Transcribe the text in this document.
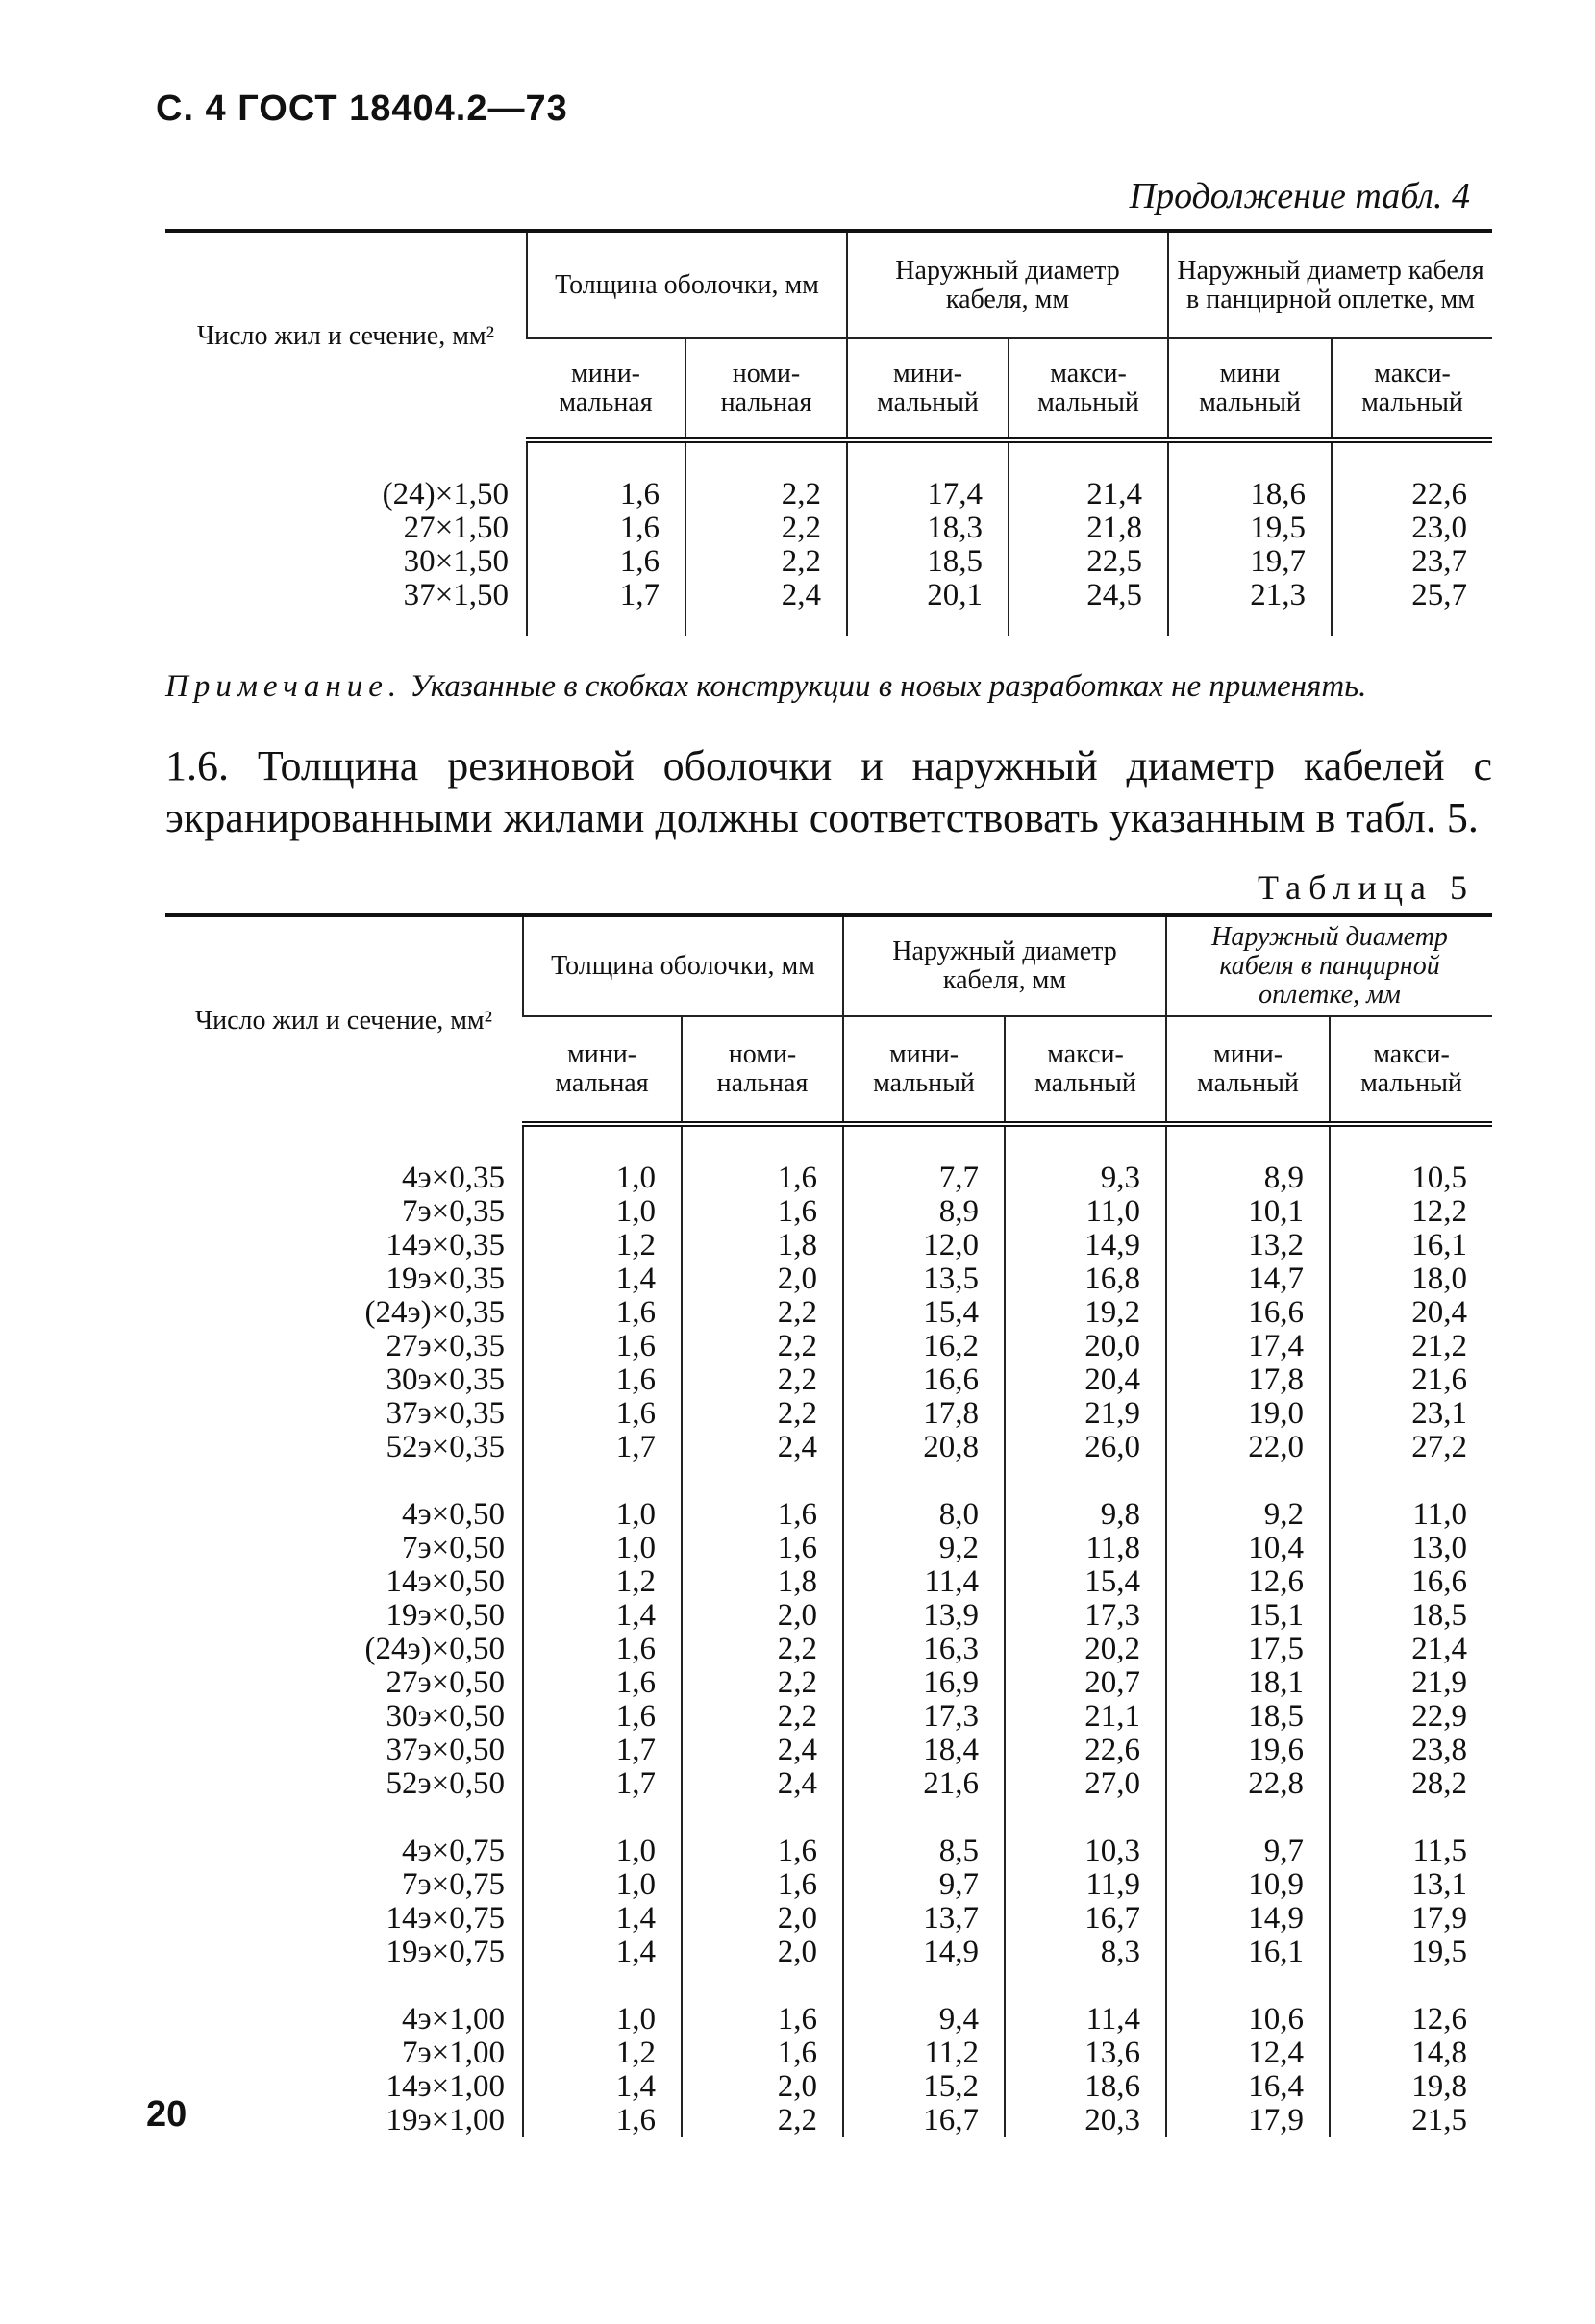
С. 4 ГОСТ 18404.2—73
Продолжение табл. 4
Число жил и сечение, мм²	Толщина оболочки, мм		Наружный диаметр кабеля, мм		Наружный диаметр кабеля в панцирной оплетке, мм	
	мини-мальная	номи-нальная	мини-мальный	макси-мальный	мини мальный	макси-мальный

(24)×1,50	1,6	2,2	17,4	21,4	18,6	22,6
27×1,50	1,6	2,2	18,3	21,8	19,5	23,0
30×1,50	1,6	2,2	18,5	22,5	19,7	23,7
37×1,50	1,7	2,4	20,1	24,5	21,3	25,7

Примечание. Указанные в скобках конструкции в новых разработках не применять.
1.6. Толщина резиновой оболочки и наружный диаметр кабелей с экранированными жилами должны соответствовать указанным в табл. 5.
Таблица 5
Число жил и сечение, мм²	Толщина оболочки, мм		Наружный диаметр кабеля, мм		Наружный диаметр кабеля в панцирной оплетке, мм	
	мини-мальная	номи-нальная	мини-мальный	макси-мальный	мини-мальный	макси-мальный

4э×0,35	1,0	1,6	7,7	9,3	8,9	10,5
7э×0,35	1,0	1,6	8,9	11,0	10,1	12,2
14э×0,35	1,2	1,8	12,0	14,9	13,2	16,1
19э×0,35	1,4	2,0	13,5	16,8	14,7	18,0
(24э)×0,35	1,6	2,2	15,4	19,2	16,6	20,4
27э×0,35	1,6	2,2	16,2	20,0	17,4	21,2
30э×0,35	1,6	2,2	16,6	20,4	17,8	21,6
37э×0,35	1,6	2,2	17,8	21,9	19,0	23,1
52э×0,35	1,7	2,4	20,8	26,0	22,0	27,2

4э×0,50	1,0	1,6	8,0	9,8	9,2	11,0
7э×0,50	1,0	1,6	9,2	11,8	10,4	13,0
14э×0,50	1,2	1,8	11,4	15,4	12,6	16,6
19э×0,50	1,4	2,0	13,9	17,3	15,1	18,5
(24э)×0,50	1,6	2,2	16,3	20,2	17,5	21,4
27э×0,50	1,6	2,2	16,9	20,7	18,1	21,9
30э×0,50	1,6	2,2	17,3	21,1	18,5	22,9
37э×0,50	1,7	2,4	18,4	22,6	19,6	23,8
52э×0,50	1,7	2,4	21,6	27,0	22,8	28,2

4э×0,75	1,0	1,6	8,5	10,3	9,7	11,5
7э×0,75	1,0	1,6	9,7	11,9	10,9	13,1
14э×0,75	1,4	2,0	13,7	16,7	14,9	17,9
19э×0,75	1,4	2,0	14,9	8,3	16,1	19,5

4э×1,00	1,0	1,6	9,4	11,4	10,6	12,6
7э×1,00	1,2	1,6	11,2	13,6	12,4	14,8
14э×1,00	1,4	2,0	15,2	18,6	16,4	19,8
19э×1,00	1,6	2,2	16,7	20,3	17,9	21,5
20
